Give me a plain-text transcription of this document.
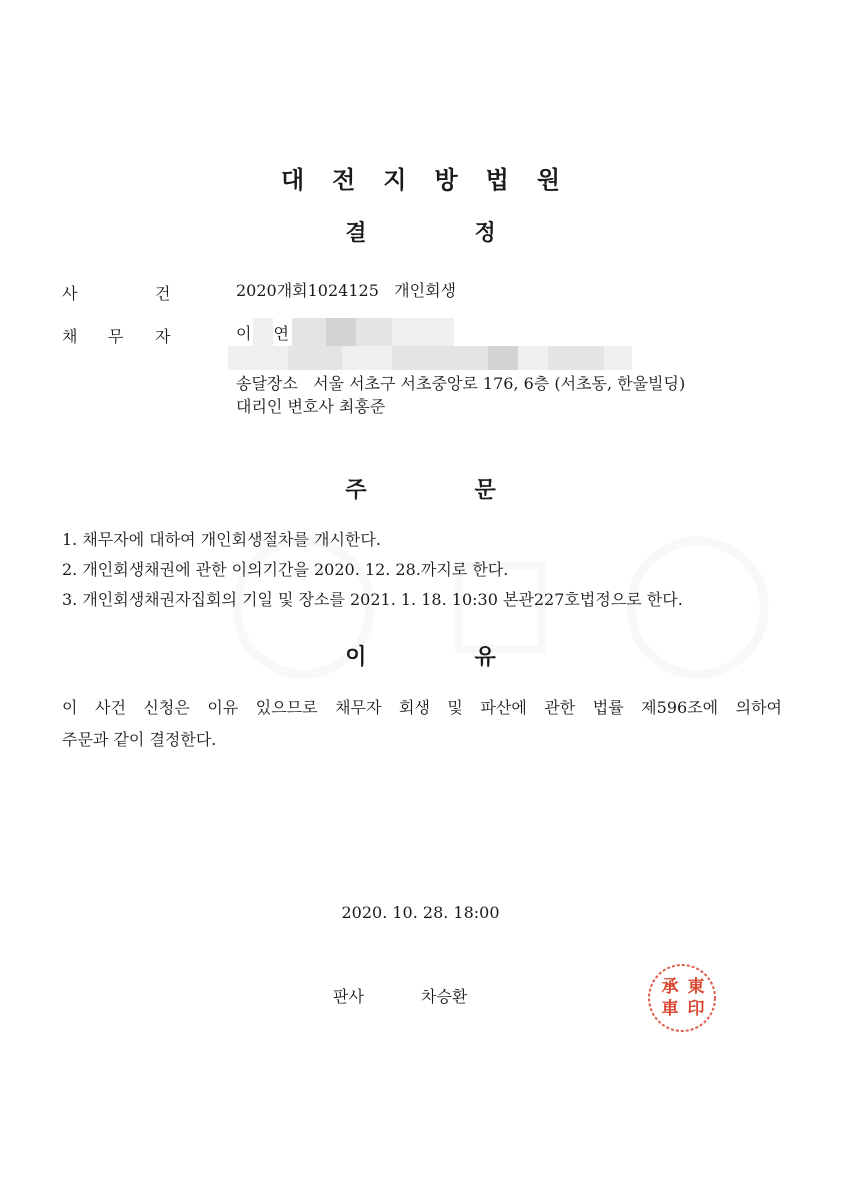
대전지방법원
결	정
사	건	2020개회1024125 개인회생
채 무 자	이 연
송달장소   서울 서초구 서초중앙로 176, 6층 (서초동, 한울빌딩)
대리인 변호사 최홍준
주	문
1. 채무자에 대하여 개인회생절차를 개시한다.
2. 개인회생채권에 관한 이의기간을 2020. 12. 28.까지로 한다.
3. 개인회생채권자집회의 기일 및 장소를 2021. 1. 18. 10:30 본관227호법정으로 한다.
이	유
이 사건 신청은 이유 있으므로 채무자 회생 및 파산에 관한 법률 제596조에 의하여
주문과 같이 결정한다.
2020. 10. 28. 18:00
판사	차승환	東
印
承
車
